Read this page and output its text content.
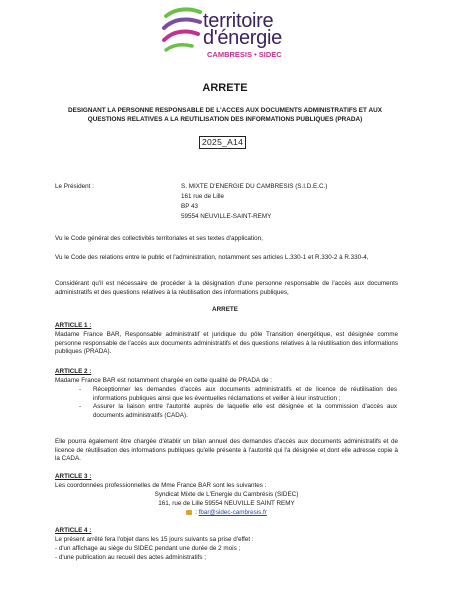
territoire
d'énergie
CAMBRESIS • SIDEC
ARRETE
DESIGNANT LA PERSONNE RESPONSABLE DE L'ACCES AUX DOCUMENTS ADMINISTRATIFS ET AUX QUESTIONS RELATIVES A LA REUTILISATION DES INFORMATIONS PUBLIQUES (PRADA)
2025_A14
Le Président :	S. MIXTE D'ENERGIE DU CAMBRESIS (S.I.D.E.C.)
161 rue de Lille
BP 43
59554 NEUVILLE-SAINT-REMY
Vu le Code général des collectivités territoriales et ses textes d'application,
Vu le Code des relations entre le public et l'administration, notamment ses articles L.330-1 et R.330-2 à R.330-4,
Considérant qu'il est nécessaire de procéder à la désignation d'une personne responsable de l'accès aux documents administratifs et des questions relatives à la réutilisation des informations publiques,
ARRETE
ARTICLE 1 :
Madame France BAR, Responsable administratif et juridique du pôle Transition énergétique, est désignée comme personne responsable de l'accès aux documents administratifs et des questions relatives à la réutilisation des informations publiques (PRADA).
ARTICLE 2 :
Madame France BAR est notamment chargée en cette qualité de PRADA de :
- Réceptionner les demandes d'accès aux documents administratifs et de licence de réutilisation des informations publiques ainsi que les éventuelles réclamations et veiller à leur instruction ;
- Assurer la liaison entre l'autorité auprès de laquelle elle est désignée et la commission d'accès aux documents administratifs (CADA).
Elle pourra également être chargée d'établir un bilan annuel des demandes d'accès aux documents administratifs et de licence de réutilisation des informations publiques qu'elle présente à l'autorité qui l'a désignée et dont elle adresse copie à la CADA.
ARTICLE 3 :
Les coordonnées professionnelles de Mme France BAR sont les suivantes :
Syndicat Mixte de L'Energie du Cambrésis (SIDEC)
161, rue de Lille 59554 NEUVILLE SAINT REMY
: fbar@sidec-cambresis.fr
ARTICLE 4 :
Le présent arrêté fera l'objet dans les 15 jours suivants sa prise d'effet :
- d'un affichage au siège du SIDEC pendant une durée de 2 mois ;
- d'une publication au recueil des actes administratifs ;
